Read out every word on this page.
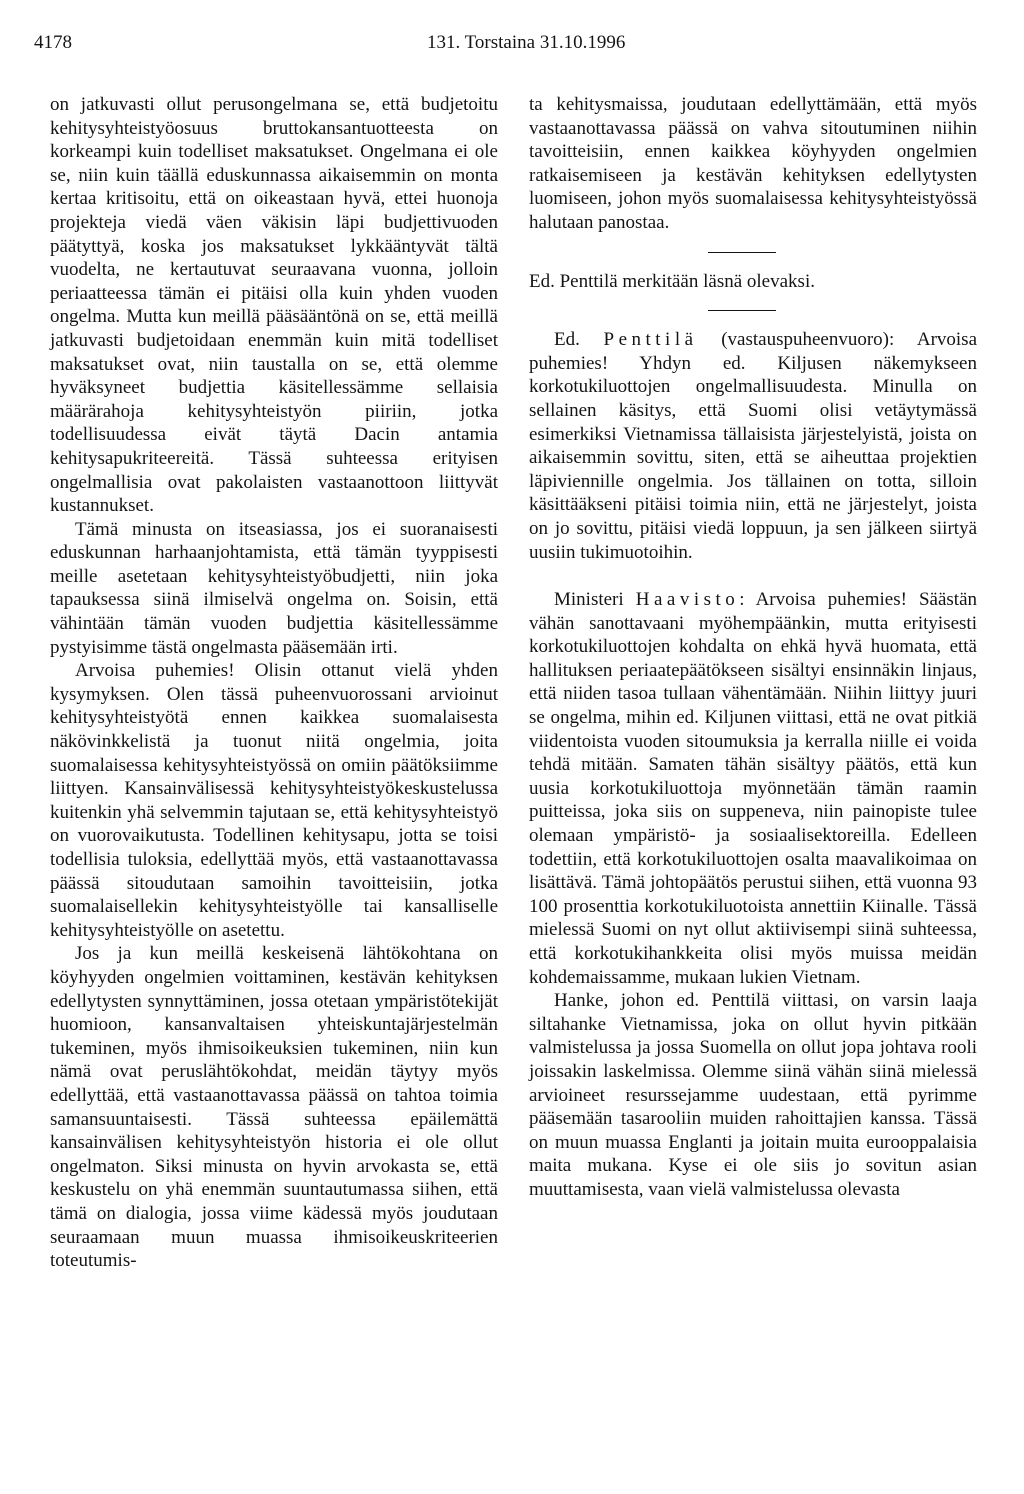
4178	131. Torstaina 31.10.1996

on jatkuvasti ollut perusongelmana se, että budjetoitu kehitysyhteistyöosuus bruttokansantuotteesta on korkeampi kuin todelliset maksatukset. Ongelmana ei ole se, niin kuin täällä eduskunnassa aikaisemmin on monta kertaa kritisoitu, että on oikeastaan hyvä, ettei huonoja projekteja viedä väen väkisin läpi budjettivuoden päätyttyä, koska jos maksatukset lykkääntyvät tältä vuodelta, ne kertautuvat seuraavana vuonna, jolloin periaatteessa tämän ei pitäisi olla kuin yhden vuoden ongelma. Mutta kun meillä pääsääntönä on se, että meillä jatkuvasti budjetoidaan enemmän kuin mitä todelliset maksatukset ovat, niin taustalla on se, että olemme hyväksyneet budjettia käsitellessämme sellaisia määrärahoja kehitysyhteistyön piiriin, jotka todellisuudessa eivät täytä Dacin antamia kehitysapukriteereitä. Tässä suhteessa erityisen ongelmallisia ovat pakolaisten vastaanottoon liittyvät kustannukset.

Tämä minusta on itseasiassa, jos ei suoranaisesti eduskunnan harhaanjohtamista, että tämän tyyppisesti meille asetetaan kehitysyhteistyöbudjetti, niin joka tapauksessa siinä ilmiselvä ongelma on. Soisin, että vähintään tämän vuoden budjettia käsitellessämme pystyisimme tästä ongelmasta pääsemään irti.

Arvoisa puhemies! Olisin ottanut vielä yhden kysymyksen. Olen tässä puheenvuorossani arvioinut kehitysyhteistyötä ennen kaikkea suomalaisesta näkövinkkelistä ja tuonut niitä ongelmia, joita suomalaisessa kehitysyhteistyössä on omiin päätöksiimme liittyen. Kansainvälisessä kehitysyhteistyökeskustelussa kuitenkin yhä selvemmin tajutaan se, että kehitysyhteistyö on vuorovaikutusta. Todellinen kehitysapu, jotta se toisi todellisia tuloksia, edellyttää myös, että vastaanottavassa päässä sitoudutaan samoihin tavoitteisiin, jotka suomalaisellekin kehitysyhteistyölle tai kansalliselle kehitysyhteistyölle on asetettu.

Jos ja kun meillä keskeisenä lähtökohtana on köyhyyden ongelmien voittaminen, kestävän kehityksen edellytysten synnyttäminen, jossa otetaan ympäristötekijät huomioon, kansanvaltaisen yhteiskuntajärjestelmän tukeminen, myös ihmisoikeuksien tukeminen, niin kun nämä ovat peruslähtökohdat, meidän täytyy myös edellyttää, että vastaanottavassa päässä on tahtoa toimia samansuuntaisesti. Tässä suhteessa epäilemättä kansainvälisen kehitysyhteistyön historia ei ole ollut ongelmaton. Siksi minusta on hyvin arvokasta se, että keskustelu on yhä enemmän suuntautumassa siihen, että tämä on dialogia, jossa viime kädessä myös joudutaan seuraamaan muun muassa ihmisoikeuskriteerien toteutumis-

ta kehitysmaissa, joudutaan edellyttämään, että myös vastaanottavassa päässä on vahva sitoutuminen niihin tavoitteisiin, ennen kaikkea köyhyyden ongelmien ratkaisemiseen ja kestävän kehityksen edellytysten luomiseen, johon myös suomalaisessa kehitysyhteistyössä halutaan panostaa.

Ed. Penttilä merkitään läsnä olevaksi.

Ed. Penttilä (vastauspuheenvuoro): Arvoisa puhemies! Yhdyn ed. Kiljusen näkemykseen korkotukiluottojen ongelmallisuudesta. Minulla on sellainen käsitys, että Suomi olisi vetäytymässä esimerkiksi Vietnamissa tällaisista järjestelyistä, joista on aikaisemmin sovittu, siten, että se aiheuttaa projektien läpiviennille ongelmia. Jos tällainen on totta, silloin käsittääkseni pitäisi toimia niin, että ne järjestelyt, joista on jo sovittu, pitäisi viedä loppuun, ja sen jälkeen siirtyä uusiin tukimuotoihin.

Ministeri Haavisto: Arvoisa puhemies! Säästän vähän sanottavaani myöhempäänkin, mutta erityisesti korkotukiluottojen kohdalta on ehkä hyvä huomata, että hallituksen periaatepäätökseen sisältyi ensinnäkin linjaus, että niiden tasoa tullaan vähentämään. Niihin liittyy juuri se ongelma, mihin ed. Kiljunen viittasi, että ne ovat pitkiä viidentoista vuoden sitoumuksia ja kerralla niille ei voida tehdä mitään. Samaten tähän sisältyy päätös, että kun uusia korkotukiluottoja myönnetään tämän raamin puitteissa, joka siis on suppeneva, niin painopiste tulee olemaan ympäristö- ja sosiaalisektoreilla. Edelleen todettiin, että korkotukiluottojen osalta maavalikoimaa on lisättävä. Tämä johtopäätös perustui siihen, että vuonna 93 100 prosenttia korkotukiluotoista annettiin Kiinalle. Tässä mielessä Suomi on nyt ollut aktiivisempi siinä suhteessa, että korkotukihankkeita olisi myös muissa meidän kohdemaissamme, mukaan lukien Vietnam.

Hanke, johon ed. Penttilä viittasi, on varsin laaja siltahanke Vietnamissa, joka on ollut hyvin pitkään valmistelussa ja jossa Suomella on ollut jopa johtava rooli joissakin laskelmissa. Olemme siinä vähän siinä mielessä arvioineet resurssejamme uudestaan, että pyrimme pääsemään tasarooliin muiden rahoittajien kanssa. Tässä on muun muassa Englanti ja joitain muita eurooppalaisia maita mukana. Kyse ei ole siis jo sovitun asian muuttamisesta, vaan vielä valmistelussa olevasta
